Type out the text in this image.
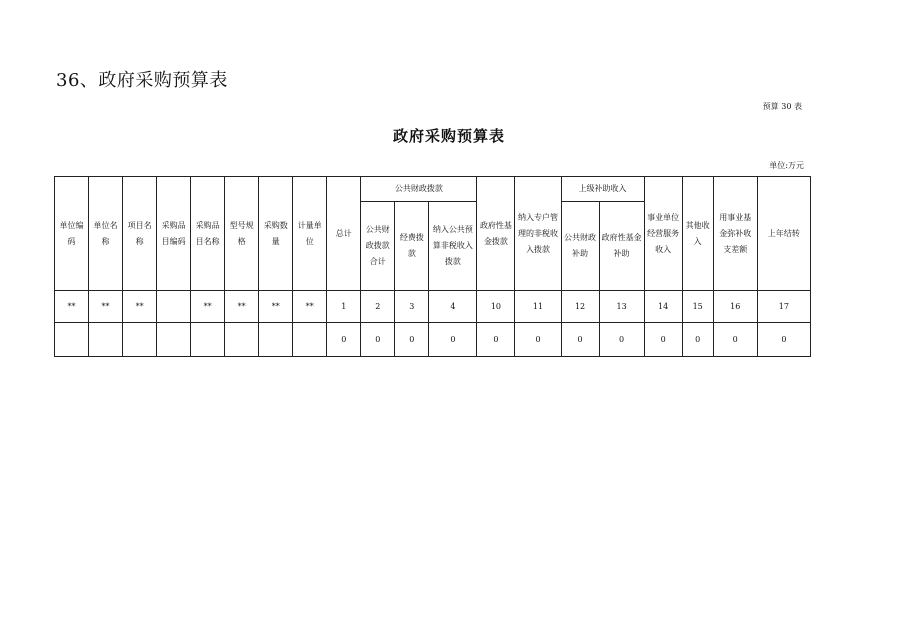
36、政府采购预算表
预算 30 表
政府采购预算表
单位:万元
单位编码	单位名称	项目名称	采购品目编码	采购品目名称	型号规格	采购数量	计量单位	总计	公共财政拨款			政府性基金拨款	纳入专户管理的非税收入拨款	上级补助收入		事业单位经营服务收入	其他收入	用事业基金弥补收支差额	上年结转
									公共财政拨款合计	经费拨款	纳入公共预算非税收入拨款			公共财政补助	政府性基金补助				
**	**	**		**	**	**	**	1	2	3	4	10	11	12	13	14	15	16	17
								0	0	0	0	0	0	0	0	0	0	0	0
